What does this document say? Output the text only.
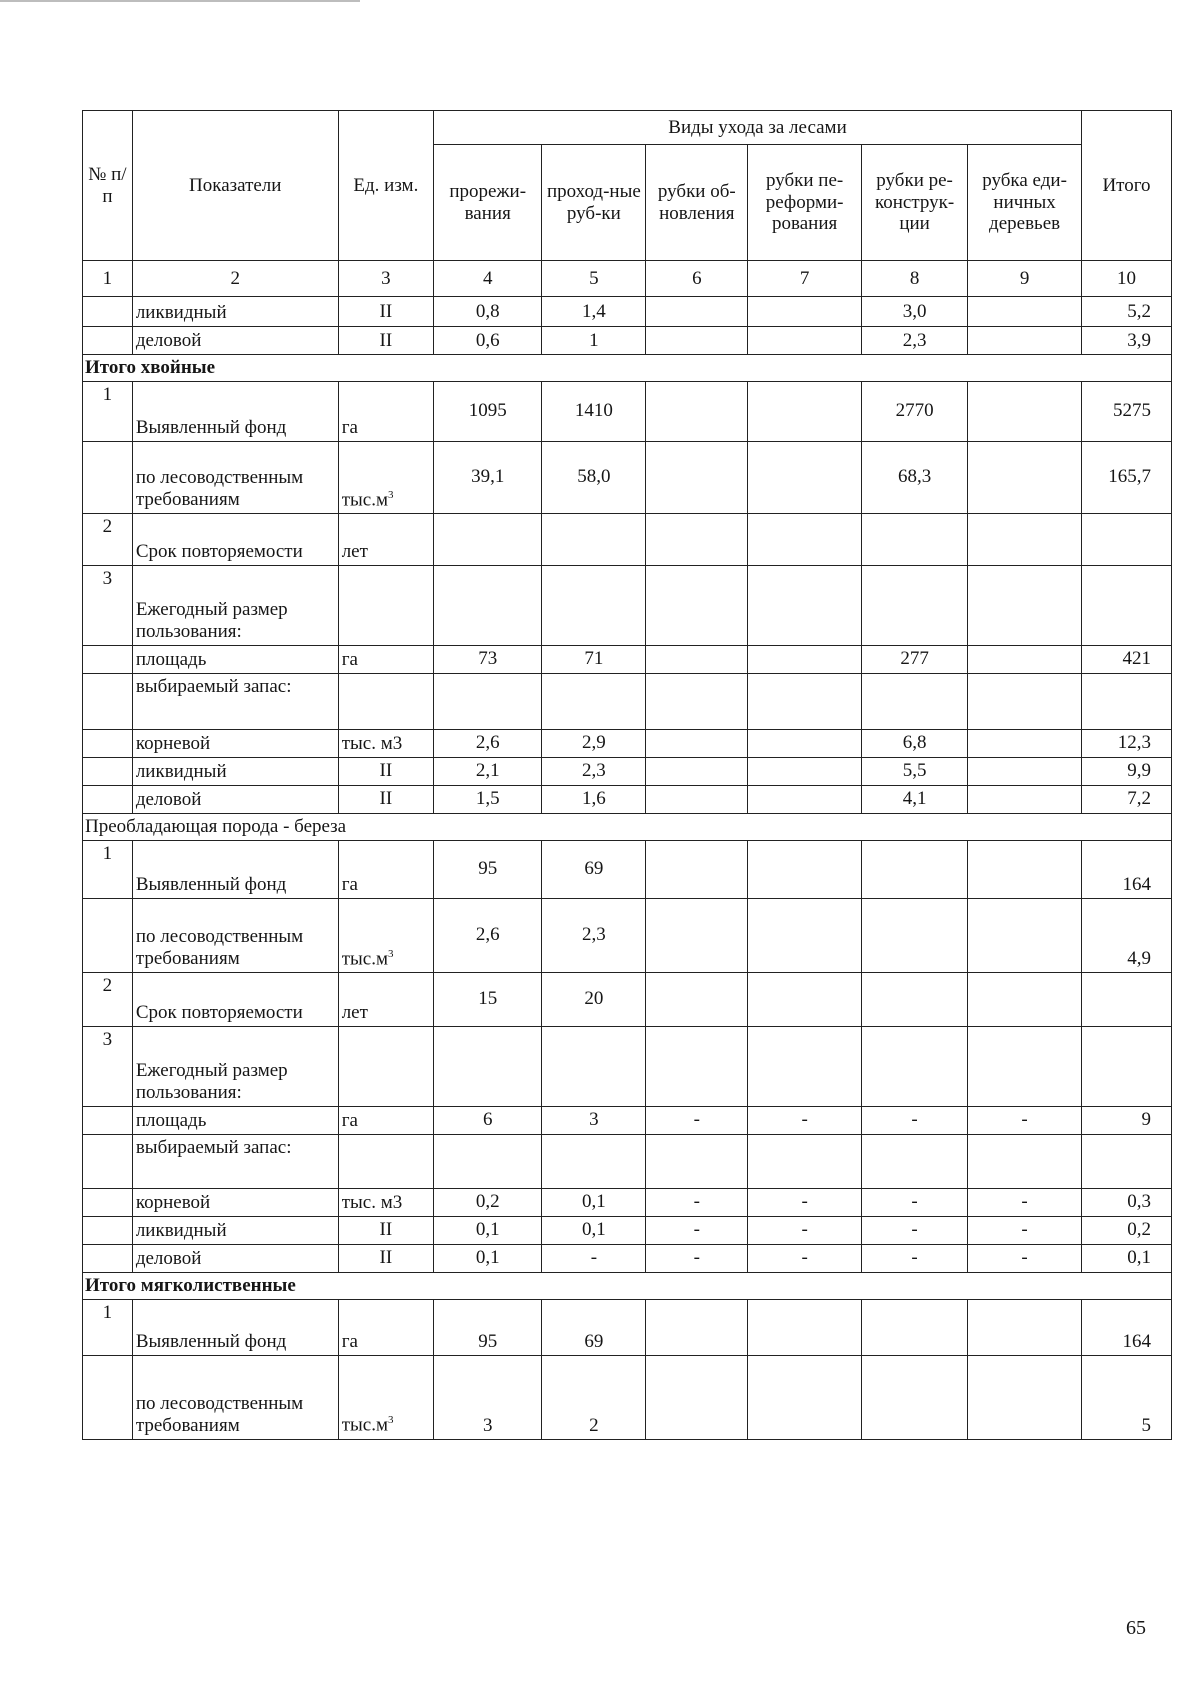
№ п/п	Показатели	Ед. изм.	Виды ухода за лесами						Итого
			прорежи-вания	проход-ные руб-ки	рубки об-новления	рубки пе-реформи-рования	рубки ре-конструк-ции	рубка еди-ничных деревьев	
1	2	3	4	5	6	7	8	9	10
	ликвидный	II	0,8	1,4			3,0		5,2
	деловой	II	0,6	1			2,3		3,9
Итого хвойные									
1	Выявленный фонд	га	1095	1410			2770		5275
	по лесоводственным требованиям	$тыс.м^3$	39,1	58,0			68,3		165,7
2	Срок повторяемости	лет							
3	Ежегодный размер пользования:								
	площадь	га	73	71			277		421
	выбираемый запас:								
	корневой	тыс. м3	2,6	2,9			6,8		12,3
	ликвидный	II	2,1	2,3			5,5		9,9
	деловой	II	1,5	1,6			4,1		7,2
Преобладающая порода - береза									
1	Выявленный фонд	га	95	69					164
	по лесоводственным требованиям	$тыс.м^3$	2,6	2,3					4,9
2	Срок повторяемости	лет	15	20					
3	Ежегодный размер пользования:								
	площадь	га	6	3	-	-	-	-	9
	выбираемый запас:								
	корневой	тыс. м3	0,2	0,1	-	-	-	-	0,3
	ликвидный	II	0,1	0,1	-	-	-	-	0,2
	деловой	II	0,1	-	-	-	-	-	0,1
Итого мягколиственные									
1	Выявленный фонд	га	95	69					164
	по лесоводственным требованиям	$тыс.м^3$	3	2					5
65
